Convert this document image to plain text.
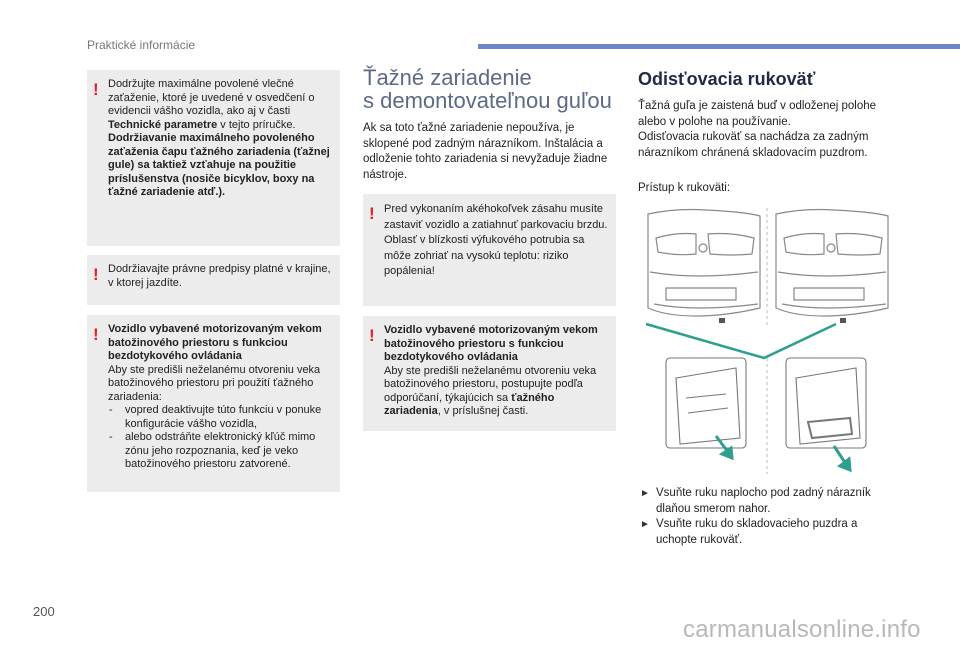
Praktické informácie
! Dodržujte maximálne povolené vlečné zaťaženie, ktoré je uvedené v osvedčení o evidencii vášho vozidla, ako aj v časti Technické parametre v tejto príručke.
Dodržiavanie maximálneho povoleného zaťaženia čapu ťažného zariadenia (ťažnej gule) sa taktiež vzťahuje na použitie príslušenstva (nosiče bicyklov, boxy na ťažné zariadenie atď.).

! Dodržiavajte právne predpisy platné v krajine, v ktorej jazdíte.

! Vozidlo vybavené motorizovaným vekom batožinového priestoru s funkciou bezdotykového ovládania

Aby ste predišli neželanému otvoreniu veka batožinového priestoru pri použití ťažného zariadenia:

- vopred deaktivujte túto funkciu v ponuke konfigurácie vášho vozidla,
- alebo odstráňte elektronický kľúč mimo zónu jeho rozpoznania, keď je veko batožinového priestoru zatvorené.
Ťažné zariadenie
s demontovateľnou guľou

Ak sa toto ťažné zariadenie nepoužíva, je sklopené pod zadným nárazníkom. Inštalácia a odloženie tohto zariadenia si nevyžaduje žiadne nástroje.

! Pred vykonaním akéhokoľvek zásahu musíte zastaviť vozidlo a zatiahnuť parkovaciu brzdu.
Oblasť v blízkosti výfukového potrubia sa môže zohriať na vysokú teplotu: riziko popálenia!

! Vozidlo vybavené motorizovaným vekom batožinového priestoru s funkciou bezdotykového ovládania

Aby ste predišli neželanému otvoreniu veka batožinového priestoru, postupujte podľa odporúčaní, týkajúcich sa ťažného zariadenia, v príslušnej časti.

Odisťovacia rukoväť

Ťažná guľa je zaistená buď v odloženej polohe alebo v polohe na používanie.
Odisťovacia rukoväť sa nachádza za zadným nárazníkom chránená skladovacím puzdrom.

Prístup k rukoväti:

► Vsuňte ruku naplocho pod zadný nárazník dlaňou smerom nahor.
► Vsuňte ruku do skladovacieho puzdra a uchopte rukoväť.
200
carmanualsonline.info
